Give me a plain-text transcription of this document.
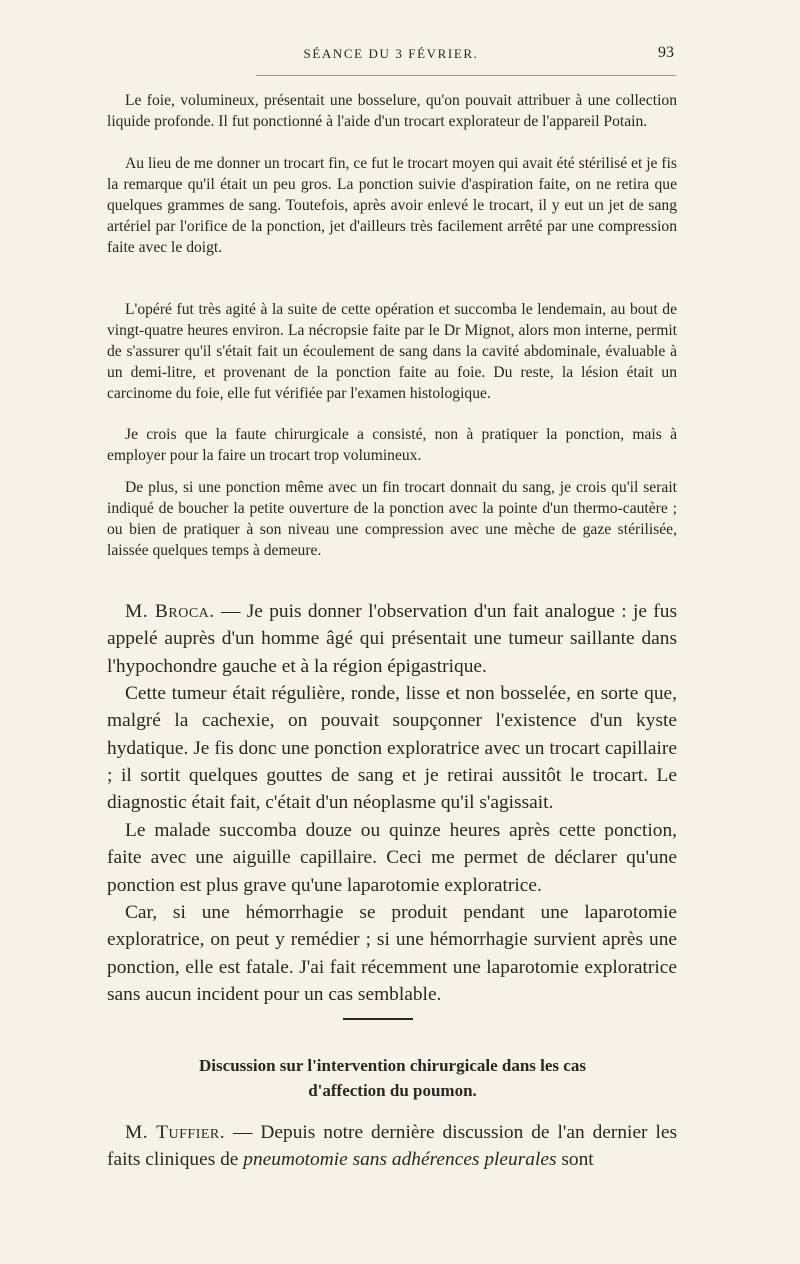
SÉANCE DU 3 FÉVRIER.	93

Le foie, volumineux, présentait une bosselure, qu'on pouvait attribuer à une collection liquide profonde. Il fut ponctionné à l'aide d'un trocart explorateur de l'appareil Potain.

Au lieu de me donner un trocart fin, ce fut le trocart moyen qui avait été stérilisé et je fis la remarque qu'il était un peu gros. La ponction suivie d'aspiration faite, on ne retira que quelques grammes de sang. Toutefois, après avoir enlevé le trocart, il y eut un jet de sang artériel par l'orifice de la ponction, jet d'ailleurs très facilement arrêté par une compression faite avec le doigt.

L'opéré fut très agité à la suite de cette opération et succomba le lendemain, au bout de vingt-quatre heures environ. La nécropsie faite par le Dr Mignot, alors mon interne, permit de s'assurer qu'il s'était fait un écoulement de sang dans la cavité abdominale, évaluable à un demi-litre, et provenant de la ponction faite au foie. Du reste, la lésion était un carcinome du foie, elle fut vérifiée par l'examen histologique.

Je crois que la faute chirurgicale a consisté, non à pratiquer la ponction, mais à employer pour la faire un trocart trop volumineux.

De plus, si une ponction même avec un fin trocart donnait du sang, je crois qu'il serait indiqué de boucher la petite ouverture de la ponction avec la pointe d'un thermo-cautère ; ou bien de pratiquer à son niveau une compression avec une mèche de gaze stérilisée, laissée quelques temps à demeure.

M. Broca. — Je puis donner l'observation d'un fait analogue : je fus appelé auprès d'un homme âgé qui présentait une tumeur saillante dans l'hypochondre gauche et à la région épigastrique.

Cette tumeur était régulière, ronde, lisse et non bosselée, en sorte que, malgré la cachexie, on pouvait soupçonner l'existence d'un kyste hydatique. Je fis donc une ponction exploratrice avec un trocart capillaire ; il sortit quelques gouttes de sang et je retirai aussitôt le trocart. Le diagnostic était fait, c'était d'un néoplasme qu'il s'agissait.

Le malade succomba douze ou quinze heures après cette ponction, faite avec une aiguille capillaire. Ceci me permet de déclarer qu'une ponction est plus grave qu'une laparotomie exploratrice.

Car, si une hémorrhagie se produit pendant une laparotomie exploratrice, on peut y remédier ; si une hémorrhagie survient après une ponction, elle est fatale. J'ai fait récemment une laparotomie exploratrice sans aucun incident pour un cas semblable.

Discussion sur l'intervention chirurgicale dans les cas
d'affection du poumon.

M. Tuffier. — Depuis notre dernière discussion de l'an dernier les faits cliniques de pneumotomie sans adhérences pleurales sont
